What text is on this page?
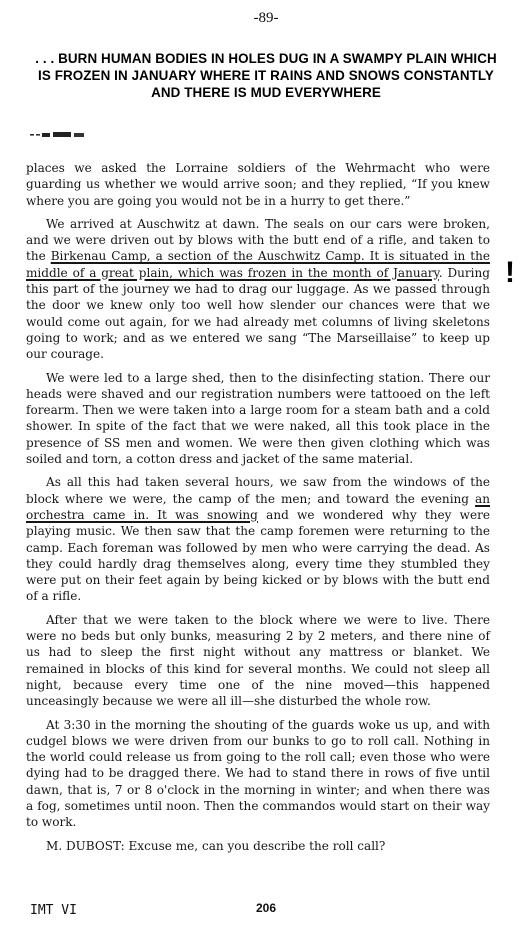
-89-
. . . BURN HUMAN BODIES IN HOLES DUG IN A SWAMPY PLAIN WHICH
IS FROZEN IN JANUARY WHERE IT RAINS AND SNOWS CONSTANTLY
AND THERE IS MUD EVERYWHERE

places we asked the Lorraine soldiers of the Wehrmacht who were guarding us whether we would arrive soon; and they replied, “If you knew where you are going you would not be in a hurry to get there.”

We arrived at Auschwitz at dawn. The seals on our cars were broken, and we were driven out by blows with the butt end of a rifle, and taken to the Birkenau Camp, a section of the Auschwitz Camp. It is situated in the middle of a great plain, which was frozen in the month of January. During this part of the journey we had to drag our luggage. As we passed through the door we knew only too well how slender our chances were that we would come out again, for we had already met columns of living skeletons going to work; and as we entered we sang “The Marseillaise” to keep up our courage.

We were led to a large shed, then to the disinfecting station. There our heads were shaved and our registration numbers were tattooed on the left forearm. Then we were taken into a large room for a steam bath and a cold shower. In spite of the fact that we were naked, all this took place in the presence of SS men and women. We were then given clothing which was soiled and torn, a cotton dress and jacket of the same material.

As all this had taken several hours, we saw from the windows of the block where we were, the camp of the men; and toward the evening an orchestra came in. It was snowing and we wondered why they were playing music. We then saw that the camp foremen were returning to the camp. Each foreman was followed by men who were carrying the dead. As they could hardly drag themselves along, every time they stumbled they were put on their feet again by being kicked or by blows with the butt end of a rifle.

After that we were taken to the block where we were to live. There were no beds but only bunks, measuring 2 by 2 meters, and there nine of us had to sleep the first night without any mattress or blanket. We remained in blocks of this kind for several months. We could not sleep all night, because every time one of the nine moved—this happened unceasingly because we were all ill—she disturbed the whole row.

At 3:30 in the morning the shouting of the guards woke us up, and with cudgel blows we were driven from our bunks to go to roll call. Nothing in the world could release us from going to the roll call; even those who were dying had to be dragged there. We had to stand there in rows of five until dawn, that is, 7 or 8 o'clock in the morning in winter; and when there was a fog, sometimes until noon. Then the commandos would start on their way to work.

M. DUBOST: Excuse me, can you describe the roll call?

!
IMT VI	206
